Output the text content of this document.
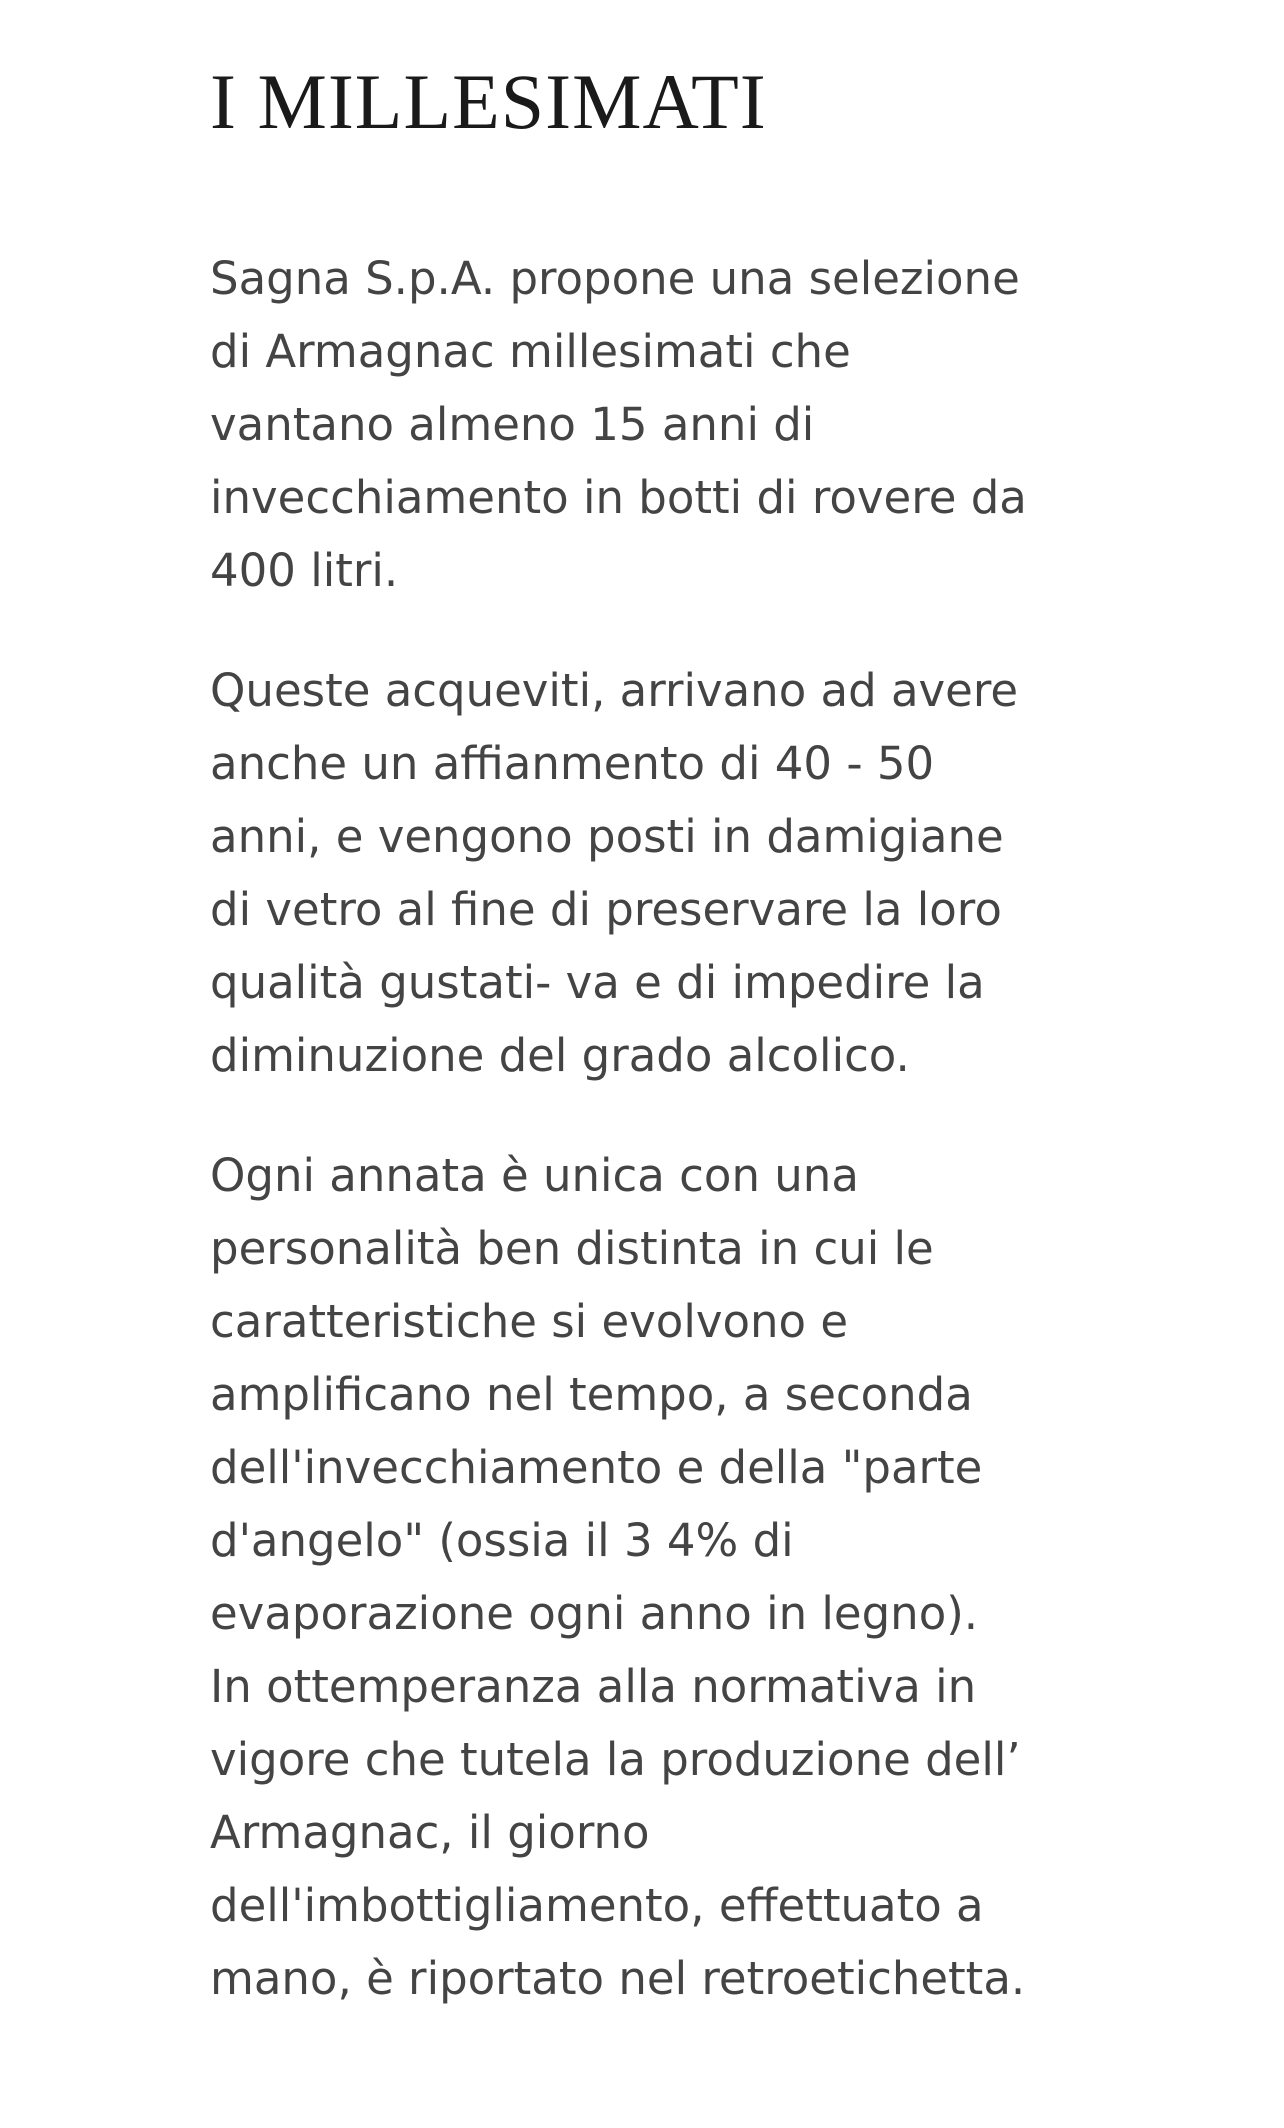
I MILLESIMATI

Sagna S.p.A. propone una selezione
di Armagnac millesimati che
vantano almeno 15 anni di
invecchiamento in botti di rovere da
400 litri.

Queste acqueviti, arrivano ad avere
anche un affianmento di 40 - 50
anni, e vengono posti in damigiane
di vetro al fine di preservare la loro
qualità gustati- va e di impedire la
diminuzione del grado alcolico.

Ogni annata è unica con una
personalità ben distinta in cui le
caratteristiche si evolvono e
amplificano nel tempo, a seconda
dell'invecchiamento e della "parte
d'angelo" (ossia il 3 4% di
evaporazione ogni anno in legno).
In ottemperanza alla normativa in
vigore che tutela la produzione dell’
Armagnac, il giorno
dell'imbottigliamento, effettuato a
mano, è riportato nel retroetichetta.
